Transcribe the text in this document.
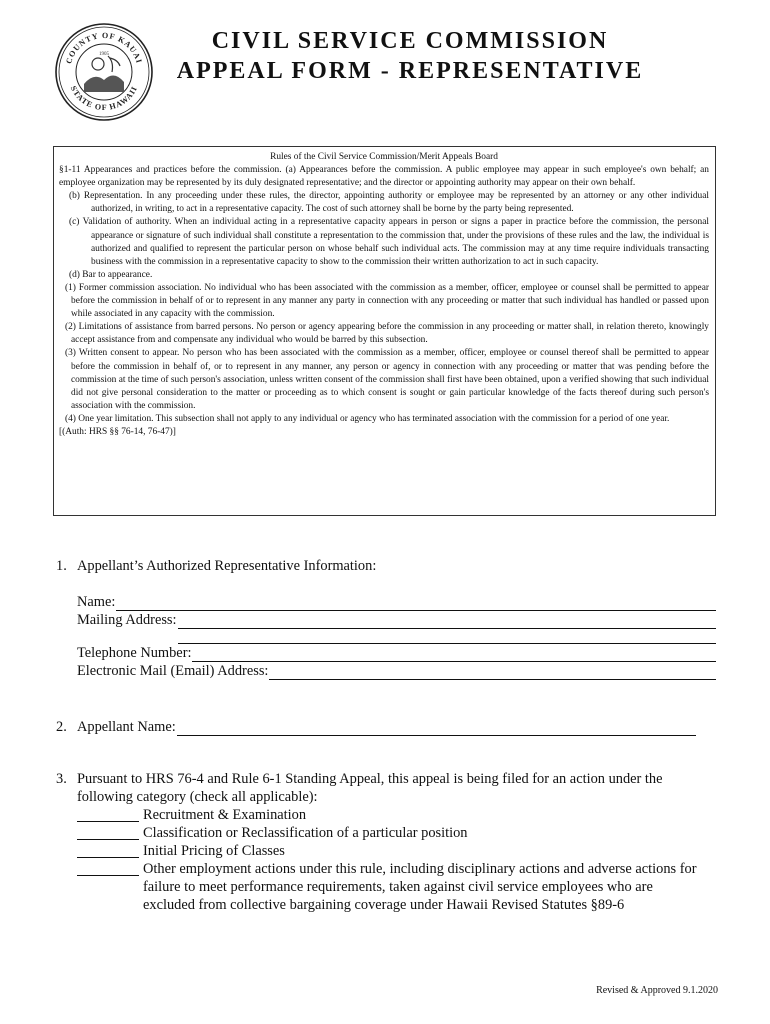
COUNTY OF KAUAI
STATE OF HAWAII
1905
CIVIL SERVICE COMMISSION
APPEAL FORM - REPRESENTATIVE

Rules of the Civil Service Commission/Merit Appeals Board

§1-11 Appearances and practices before the commission. (a) Appearances before the commission. A public employee may appear in such employee's own behalf; an employee organization may be represented by its duly designated representative; and the director or appointing authority may appear on their own behalf.

(b) Representation. In any proceeding under these rules, the director, appointing authority or employee may be represented by an attorney or any other individual authorized, in writing, to act in a representative capacity. The cost of such attorney shall be borne by the party being represented.

(c) Validation of authority. When an individual acting in a representative capacity appears in person or signs a paper in practice before the commission, the personal appearance or signature of such individual shall constitute a representation to the commission that, under the provisions of these rules and the law, the individual is authorized and qualified to represent the particular person on whose behalf such individual acts. The commission may at any time require individuals transacting business with the commission in a representative capacity to show to the commission their written authorization to act in such capacity.

(d) Bar to appearance.

(1) Former commission association. No individual who has been associated with the commission as a member, officer, employee or counsel shall be permitted to appear before the commission in behalf of or to represent in any manner any party in connection with any proceeding or matter that such individual has handled or passed upon while associated in any capacity with the commission.

(2) Limitations of assistance from barred persons. No person or agency appearing before the commission in any proceeding or matter shall, in relation thereto, knowingly accept assistance from and compensate any individual who would be barred by this subsection.

(3) Written consent to appear. No person who has been associated with the commission as a member, officer, employee or counsel thereof shall be permitted to appear before the commission in behalf of, or to represent in any manner, any person or agency in connection with any proceeding or matter that was pending before the commission at the time of such person's association, unless written consent of the commission shall first have been obtained, upon a verified showing that such individual did not give personal consideration to the matter or proceeding as to which consent is sought or gain particular knowledge of the facts thereof during such person's association with the commission.

(4) One year limitation. This subsection shall not apply to any individual or agency who has terminated association with the commission for a period of one year.

[(Auth: HRS §§ 76-14, 76-47)]

1. Appellant’s Authorized Representative Information:
Name:
Mailing Address:
Telephone Number:
Electronic Mail (Email) Address:
2. Appellant Name:
3. Pursuant to HRS 76-4 and Rule 6-1 Standing Appeal, this appeal is being filed for an action under the following category (check all applicable):
Recruitment & Examination
Classification or Reclassification of a particular position
Initial Pricing of Classes
Other employment actions under this rule, including disciplinary actions and adverse actions for failure to meet performance requirements, taken against civil service employees who are excluded from collective bargaining coverage under Hawaii Revised Statutes §89-6
Revised & Approved 9.1.2020
